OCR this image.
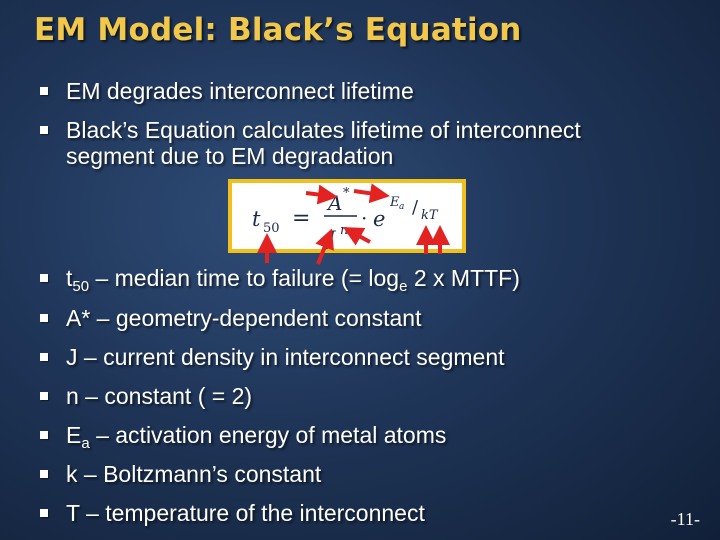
EM Model: Black’s Equation
EM degrades interconnect lifetime
Black’s Equation calculates lifetime of interconnect
segment due to EM degradation
t 50 =
A *
J n
· e
E a / kT
$t_{50}$ – median time to failure (= $\log_e 2$ x MTTF)
A* – geometry-dependent constant
J – current density in interconnect segment
n – constant ( = 2)
$E_a$ – activation energy of metal atoms
k – Boltzmann’s constant
T – temperature of the interconnect	-11-
